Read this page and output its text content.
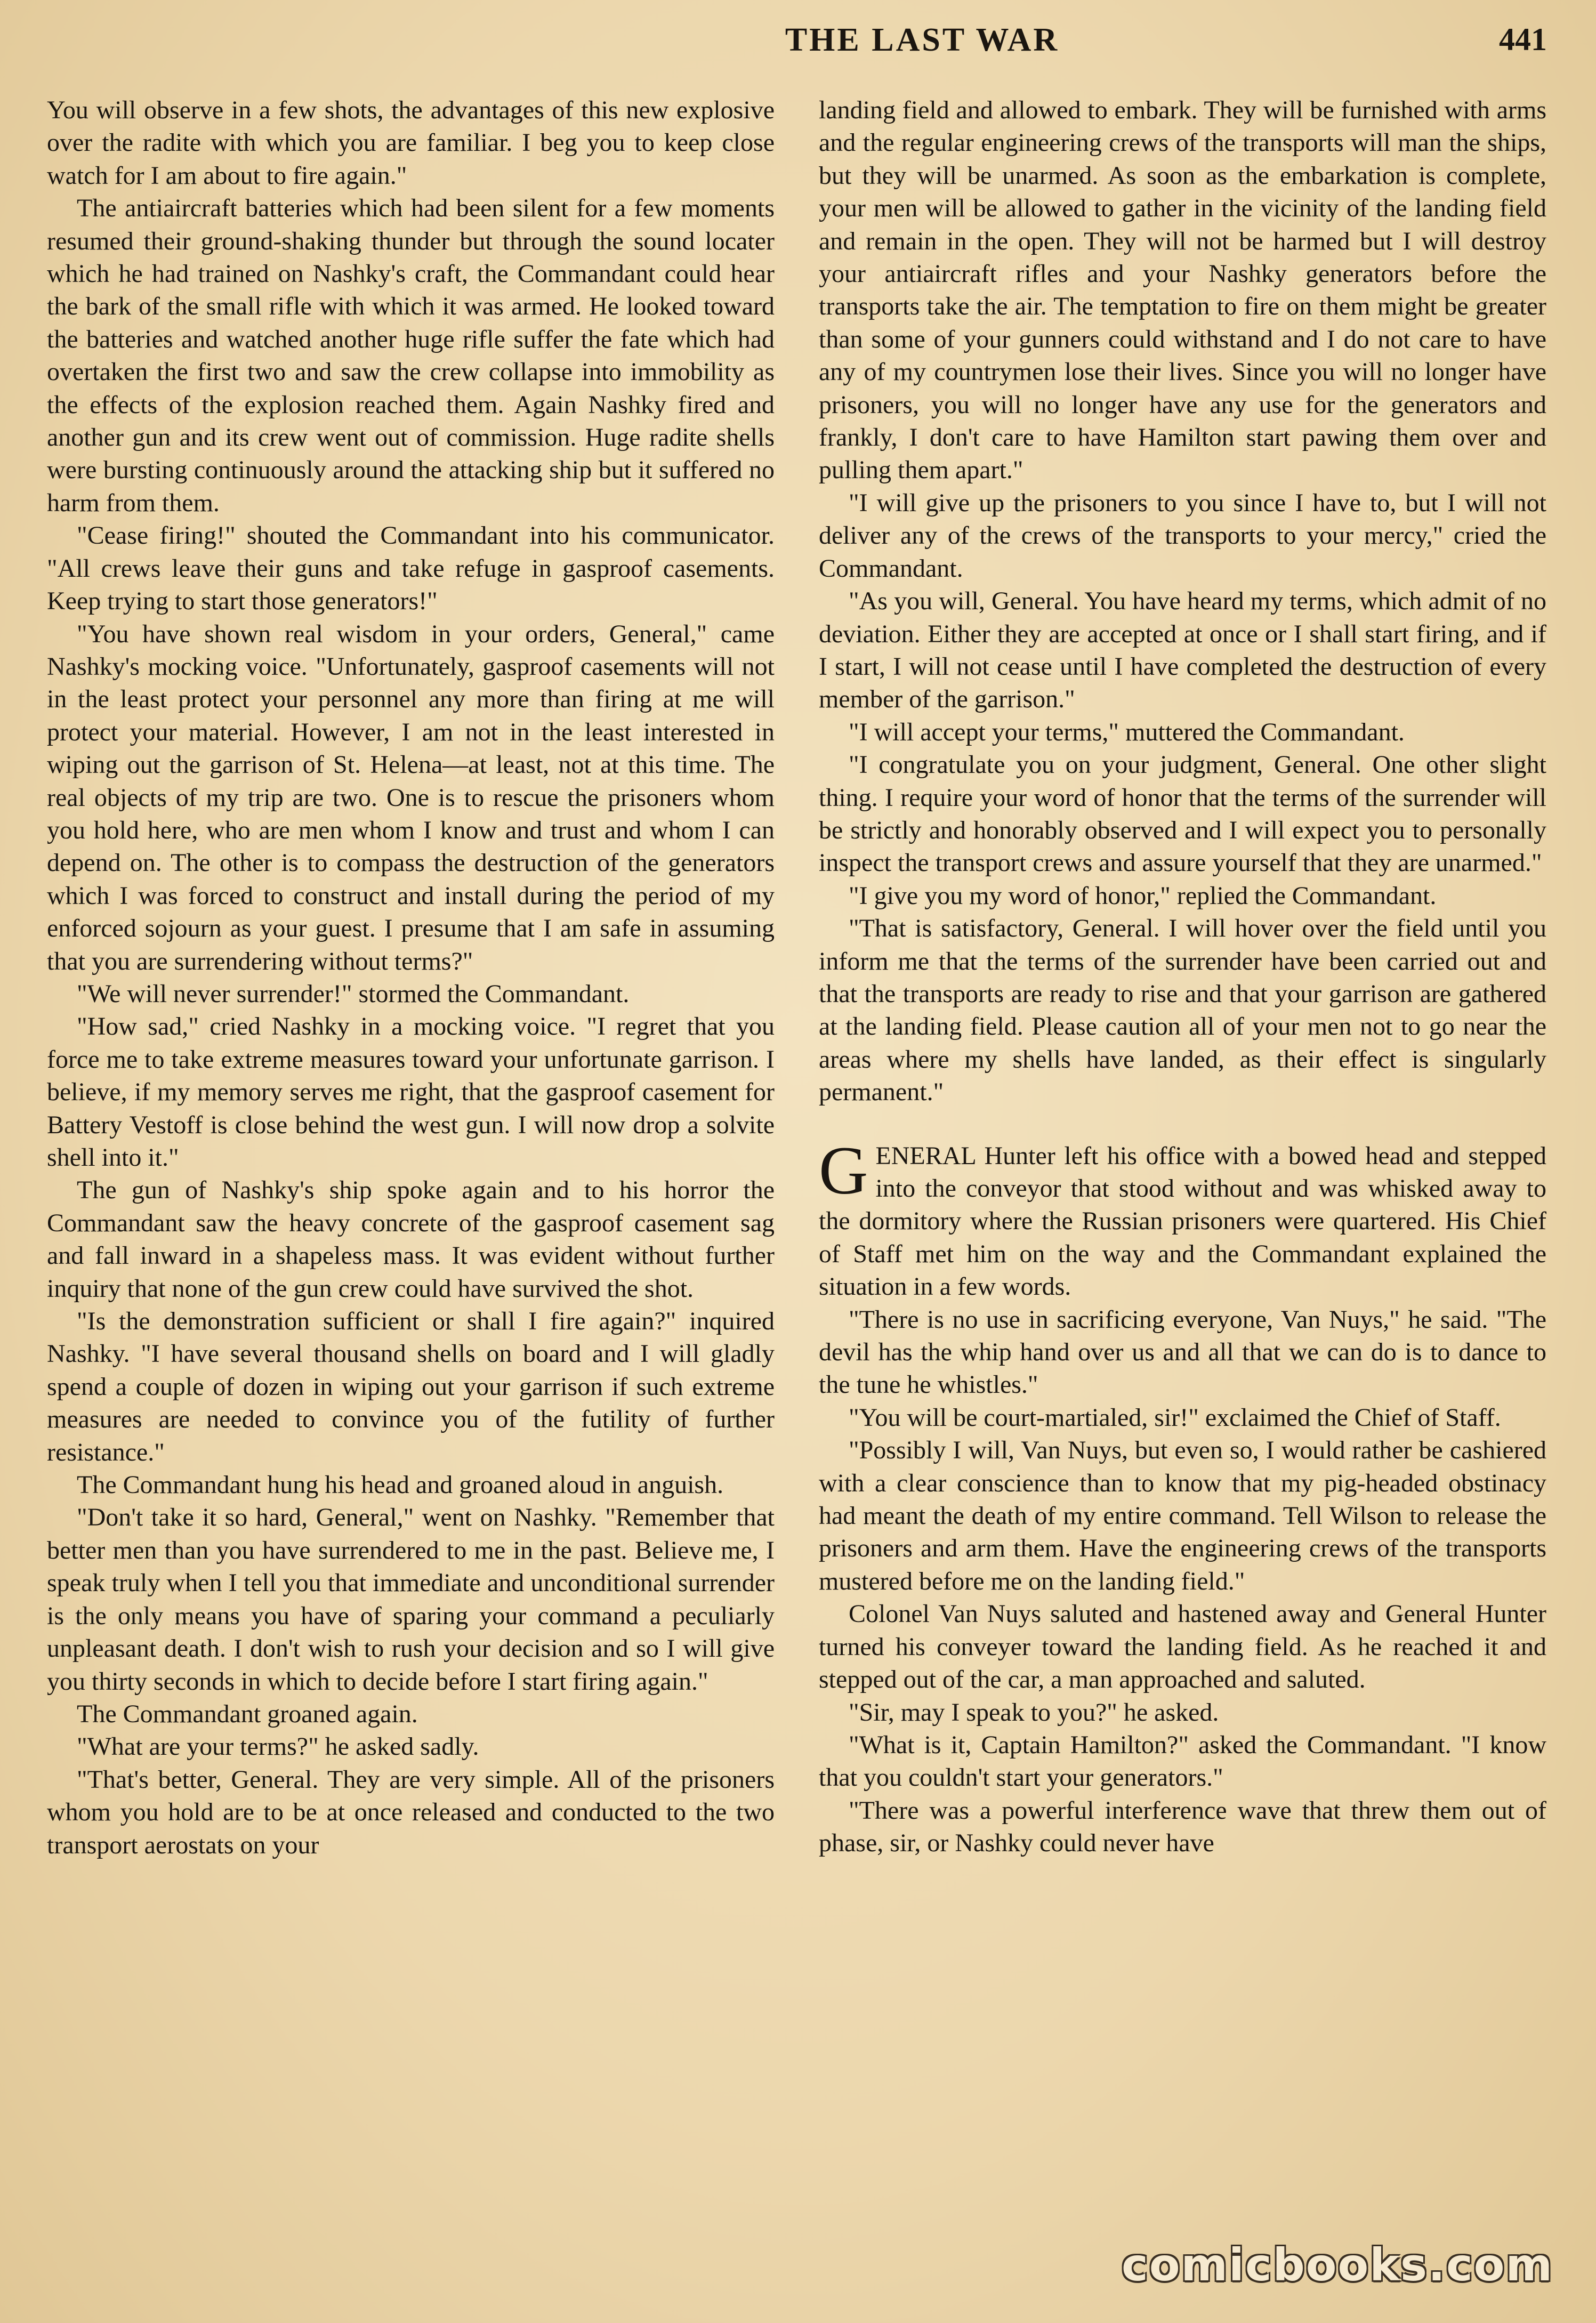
THE LAST WAR	441

You will observe in a few shots, the advantages of this new explosive over the radite with which you are familiar. I beg you to keep close watch for I am about to fire again."

The antiaircraft batteries which had been silent for a few moments resumed their ground-shaking thunder but through the sound locater which he had trained on Nashky's craft, the Commandant could hear the bark of the small rifle with which it was armed. He looked toward the batteries and watched another huge rifle suffer the fate which had overtaken the first two and saw the crew collapse into immobility as the effects of the explosion reached them. Again Nashky fired and another gun and its crew went out of commission. Huge radite shells were bursting continuously around the attacking ship but it suffered no harm from them.

"Cease firing!" shouted the Commandant into his communicator. "All crews leave their guns and take refuge in gasproof casements. Keep trying to start those generators!"

"You have shown real wisdom in your orders, General," came Nashky's mocking voice. "Unfortunately, gasproof casements will not in the least protect your personnel any more than firing at me will protect your material. However, I am not in the least interested in wiping out the garrison of St. Helena—at least, not at this time. The real objects of my trip are two. One is to rescue the prisoners whom you hold here, who are men whom I know and trust and whom I can depend on. The other is to compass the destruction of the generators which I was forced to construct and install during the period of my enforced sojourn as your guest. I presume that I am safe in assuming that you are surrendering without terms?"

"We will never surrender!" stormed the Commandant.

"How sad," cried Nashky in a mocking voice. "I regret that you force me to take extreme measures toward your unfortunate garrison. I believe, if my memory serves me right, that the gasproof casement for Battery Vestoff is close behind the west gun. I will now drop a solvite shell into it."

The gun of Nashky's ship spoke again and to his horror the Commandant saw the heavy concrete of the gasproof casement sag and fall inward in a shapeless mass. It was evident without further inquiry that none of the gun crew could have survived the shot.

"Is the demonstration sufficient or shall I fire again?" inquired Nashky. "I have several thousand shells on board and I will gladly spend a couple of dozen in wiping out your garrison if such extreme measures are needed to convince you of the futility of further resistance."

The Commandant hung his head and groaned aloud in anguish.

"Don't take it so hard, General," went on Nashky. "Remember that better men than you have surrendered to me in the past. Believe me, I speak truly when I tell you that immediate and unconditional surrender is the only means you have of sparing your command a peculiarly unpleasant death. I don't wish to rush your decision and so I will give you thirty seconds in which to decide before I start firing again."

The Commandant groaned again.

"What are your terms?" he asked sadly.

"That's better, General. They are very simple. All of the prisoners whom you hold are to be at once released and conducted to the two transport aerostats on your

landing field and allowed to embark. They will be furnished with arms and the regular engineering crews of the transports will man the ships, but they will be unarmed. As soon as the embarkation is complete, your men will be allowed to gather in the vicinity of the landing field and remain in the open. They will not be harmed but I will destroy your antiaircraft rifles and your Nashky generators before the transports take the air. The temptation to fire on them might be greater than some of your gunners could withstand and I do not care to have any of my countrymen lose their lives. Since you will no longer have prisoners, you will no longer have any use for the generators and frankly, I don't care to have Hamilton start pawing them over and pulling them apart."

"I will give up the prisoners to you since I have to, but I will not deliver any of the crews of the transports to your mercy," cried the Commandant.

"As you will, General. You have heard my terms, which admit of no deviation. Either they are accepted at once or I shall start firing, and if I start, I will not cease until I have completed the destruction of every member of the garrison."

"I will accept your terms," muttered the Commandant.

"I congratulate you on your judgment, General. One other slight thing. I require your word of honor that the terms of the surrender will be strictly and honorably observed and I will expect you to personally inspect the transport crews and assure yourself that they are unarmed."

"I give you my word of honor," replied the Commandant.

"That is satisfactory, General. I will hover over the field until you inform me that the terms of the surrender have been carried out and that the transports are ready to rise and that your garrison are gathered at the landing field. Please caution all of your men not to go near the areas where my shells have landed, as their effect is singularly permanent."

GENERAL Hunter left his office with a bowed head and stepped into the conveyor that stood without and was whisked away to the dormitory where the Russian prisoners were quartered. His Chief of Staff met him on the way and the Commandant explained the situation in a few words.

"There is no use in sacrificing everyone, Van Nuys," he said. "The devil has the whip hand over us and all that we can do is to dance to the tune he whistles."

"You will be court-martialed, sir!" exclaimed the Chief of Staff.

"Possibly I will, Van Nuys, but even so, I would rather be cashiered with a clear conscience than to know that my pig-headed obstinacy had meant the death of my entire command. Tell Wilson to release the prisoners and arm them. Have the engineering crews of the transports mustered before me on the landing field."

Colonel Van Nuys saluted and hastened away and General Hunter turned his conveyer toward the landing field. As he reached it and stepped out of the car, a man approached and saluted.

"Sir, may I speak to you?" he asked.

"What is it, Captain Hamilton?" asked the Commandant. "I know that you couldn't start your generators."

"There was a powerful interference wave that threw them out of phase, sir, or Nashky could never have

comicbooks.com
